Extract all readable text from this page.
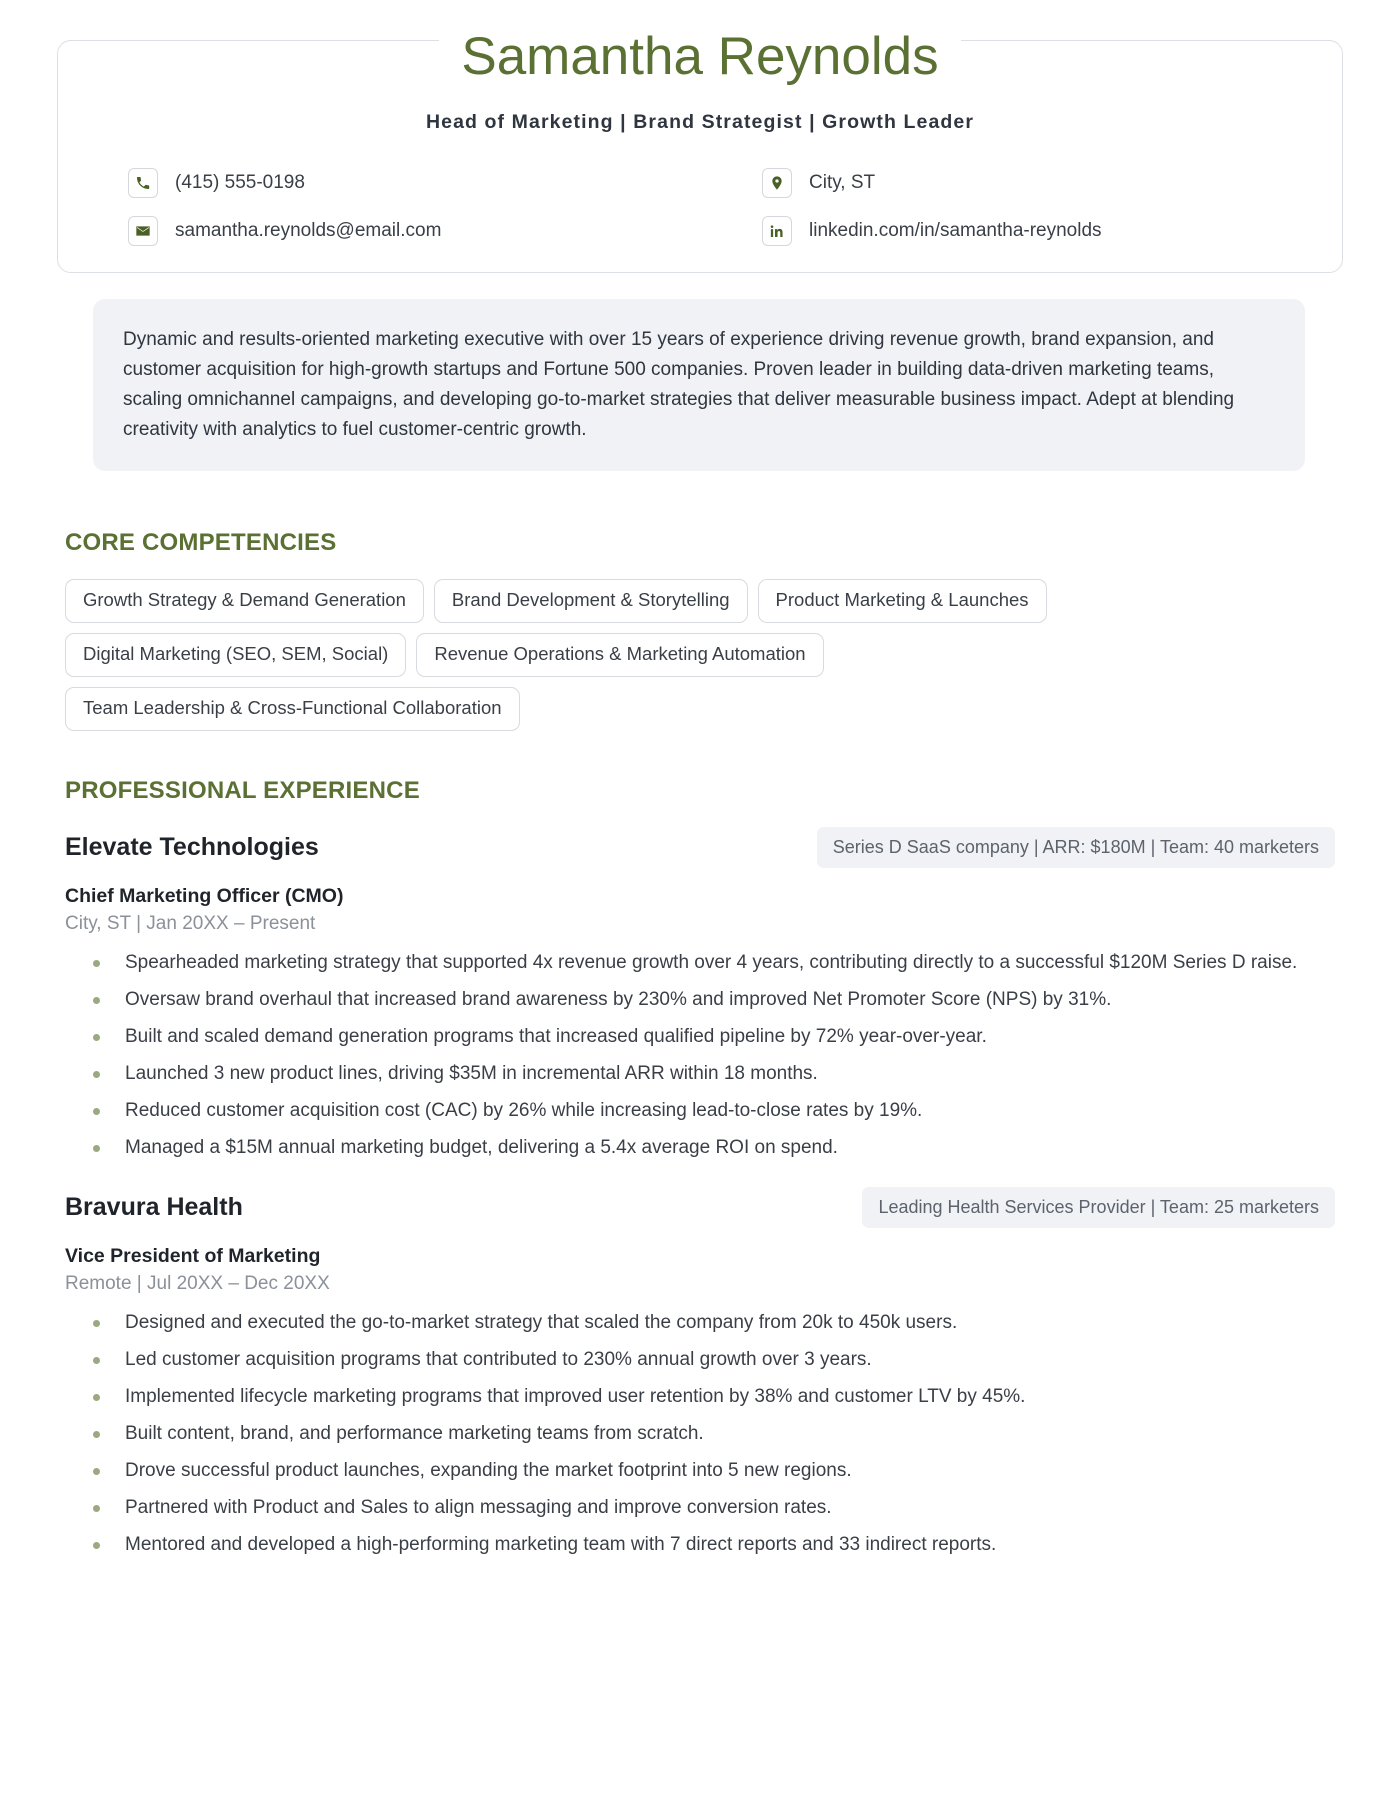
Head of Marketing | Brand Strategist | Growth Leader
(415) 555-0198	City, ST
samantha.reynolds@email.com	linkedin.com/in/samantha-reynolds
Samantha Reynolds
Dynamic and results-oriented marketing executive with over 15 years of experience driving revenue growth, brand expansion, and customer acquisition for high-growth startups and Fortune 500 companies. Proven leader in building data-driven marketing teams, scaling omnichannel campaigns, and developing go-to-market strategies that deliver measurable business impact. Adept at blending creativity with analytics to fuel customer-centric growth.
CORE COMPETENCIES
Growth Strategy & Demand Generation	Brand Development & Storytelling	Product Marketing & Launches
Digital Marketing (SEO, SEM, Social)	Revenue Operations & Marketing Automation
Team Leadership & Cross-Functional Collaboration
PROFESSIONAL EXPERIENCE
Elevate Technologies	Series D SaaS company | ARR: $180M | Team: 40 marketers
Chief Marketing Officer (CMO)
City, ST | Jan 20XX – Present
Spearheaded marketing strategy that supported 4x revenue growth over 4 years, contributing directly to a successful $120M Series D raise.
Oversaw brand overhaul that increased brand awareness by 230% and improved Net Promoter Score (NPS) by 31%.
Built and scaled demand generation programs that increased qualified pipeline by 72% year-over-year.
Launched 3 new product lines, driving $35M in incremental ARR within 18 months.
Reduced customer acquisition cost (CAC) by 26% while increasing lead-to-close rates by 19%.
Managed a $15M annual marketing budget, delivering a 5.4x average ROI on spend.
Bravura Health	Leading Health Services Provider | Team: 25 marketers
Vice President of Marketing
Remote | Jul 20XX – Dec 20XX
Designed and executed the go-to-market strategy that scaled the company from 20k to 450k users.
Led customer acquisition programs that contributed to 230% annual growth over 3 years.
Implemented lifecycle marketing programs that improved user retention by 38% and customer LTV by 45%.
Built content, brand, and performance marketing teams from scratch.
Drove successful product launches, expanding the market footprint into 5 new regions.
Partnered with Product and Sales to align messaging and improve conversion rates.
Mentored and developed a high-performing marketing team with 7 direct reports and 33 indirect reports.
